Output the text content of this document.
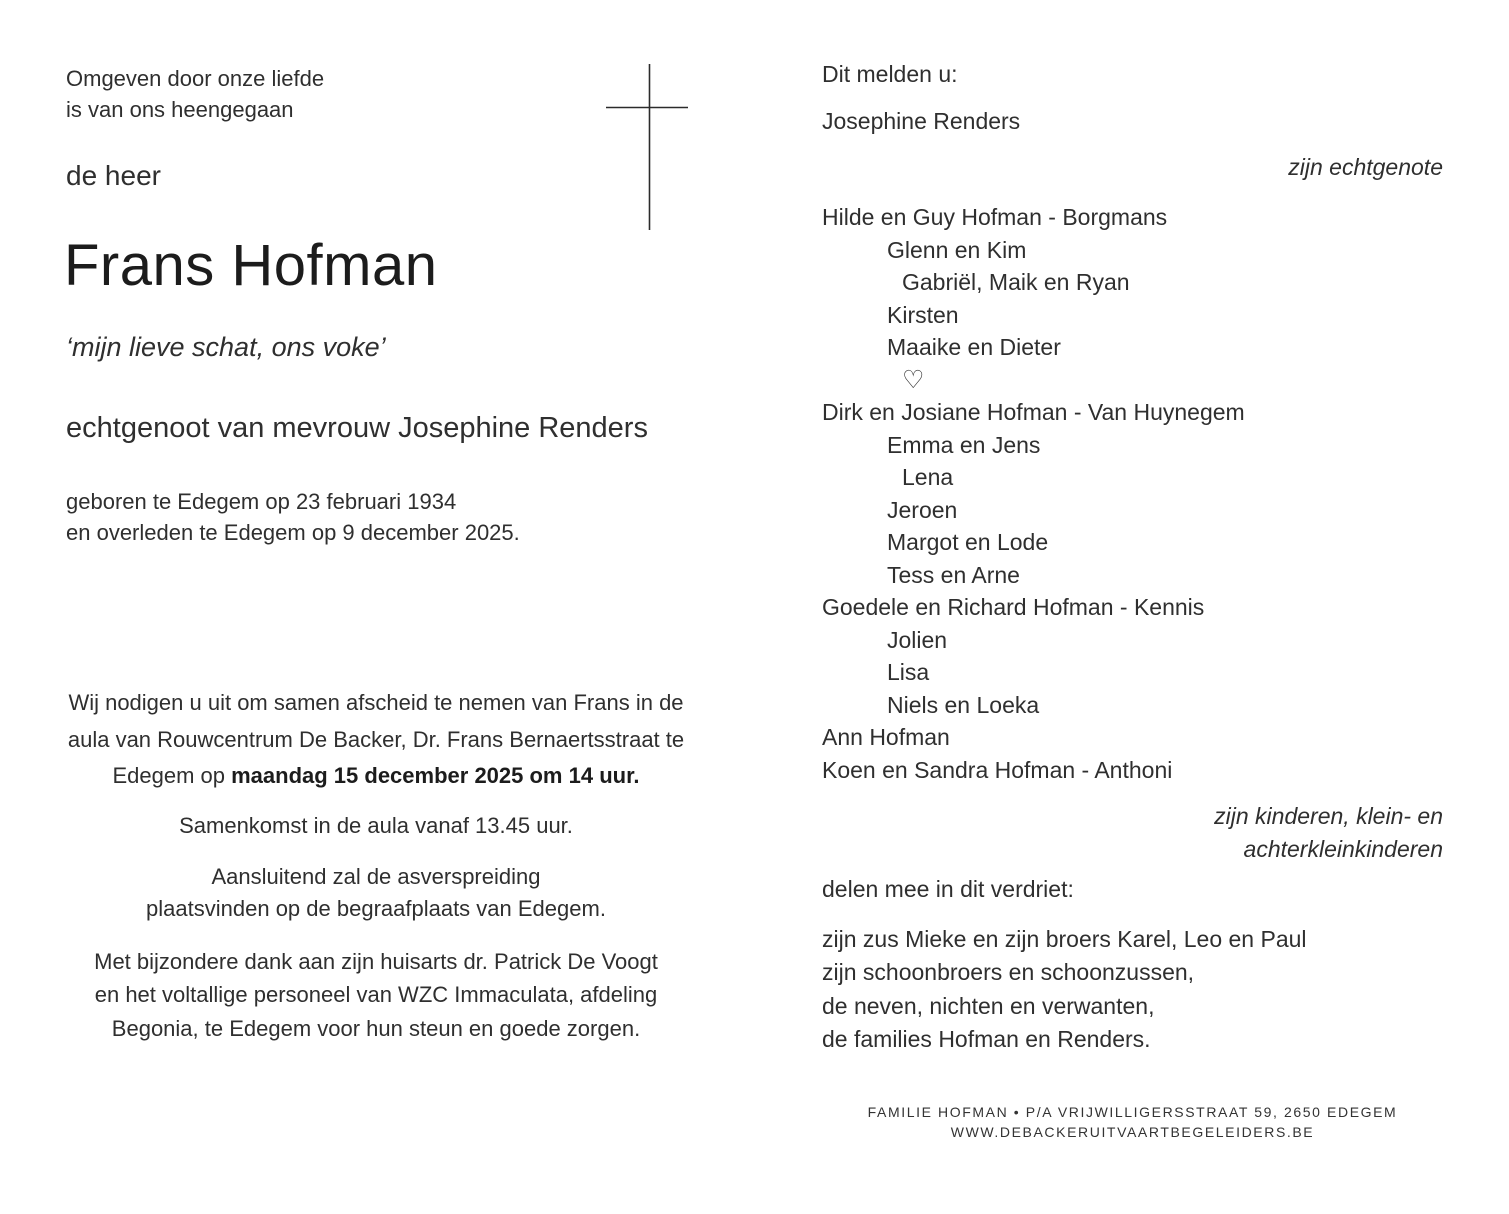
Omgeven door onze liefde
is van ons heengegaan
de heer
Frans Hofman
‘mijn lieve schat, ons voke’
echtgenoot van mevrouw Josephine Renders
geboren te Edegem op 23 februari 1934
en overleden te Edegem op 9 december 2025.
Wij nodigen u uit om samen afscheid te nemen van Frans in de
aula van Rouwcentrum De Backer, Dr. Frans Bernaertsstraat te
Edegem op maandag 15 december 2025 om 14 uur.
Samenkomst in de aula vanaf 13.45 uur.
Aansluitend zal de asverspreiding
plaatsvinden op de begraafplaats van Edegem.
Met bijzondere dank aan zijn huisarts dr. Patrick De Voogt
en het voltallige personeel van WZC Immaculata, afdeling
Begonia, te Edegem voor hun steun en goede zorgen.
Dit melden u:
Josephine Renders
zijn echtgenote
Hilde en Guy Hofman - Borgmans
Glenn en Kim
Gabriël, Maik en Ryan
Kirsten
Maaike en Dieter
♡
Dirk en Josiane Hofman - Van Huynegem
Emma en Jens
Lena
Jeroen
Margot en Lode
Tess en Arne
Goedele en Richard Hofman - Kennis
Jolien
Lisa
Niels en Loeka
Ann Hofman
Koen en Sandra Hofman - Anthoni
zijn kinderen, klein- en
achterkleinkinderen
delen mee in dit verdriet:
zijn zus Mieke en zijn broers Karel, Leo en Paul
zijn schoonbroers en schoonzussen,
de neven, nichten en verwanten,
de families Hofman en Renders.
FAMILIE HOFMAN • P/A VRIJWILLIGERSSTRAAT 59, 2650 EDEGEM
WWW.DEBACKERUITVAARTBEGELEIDERS.BE
